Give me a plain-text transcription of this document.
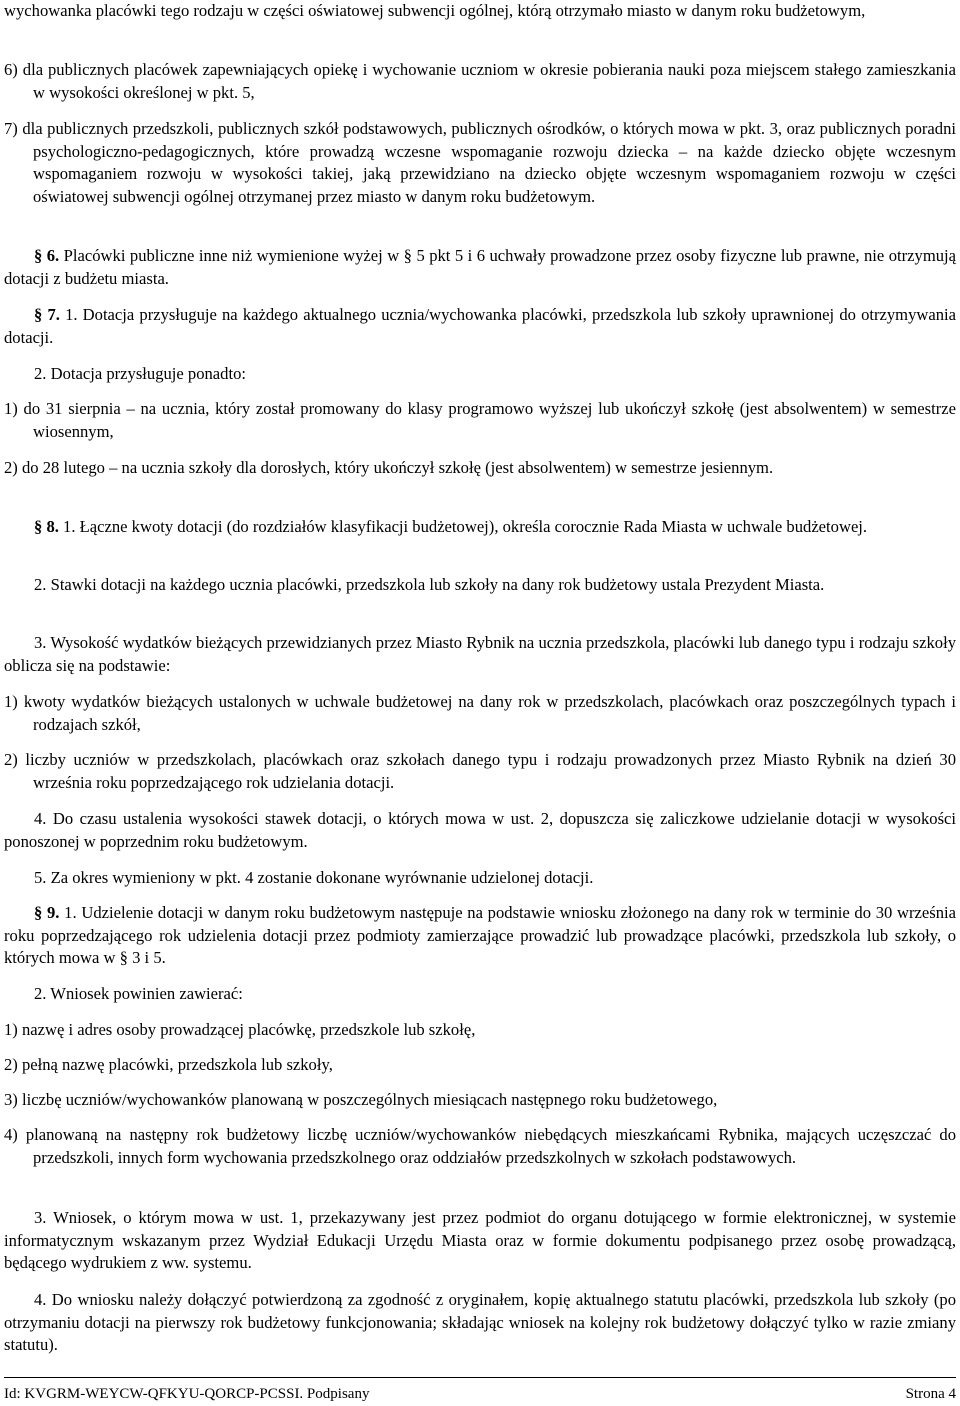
wychowanka placówki tego rodzaju w części oświatowej subwencji ogólnej, którą otrzymało miasto w danym roku budżetowym,

6) dla publicznych placówek zapewniających opiekę i wychowanie uczniom w okresie pobierania nauki poza miejscem stałego zamieszkania w wysokości określonej w pkt. 5,

7) dla publicznych przedszkoli, publicznych szkół podstawowych, publicznych ośrodków, o których mowa w pkt. 3, oraz publicznych poradni psychologiczno-pedagogicznych, które prowadzą wczesne wspomaganie rozwoju dziecka – na każde dziecko objęte wczesnym wspomaganiem rozwoju w wysokości takiej, jaką przewidziano na dziecko objęte wczesnym wspomaganiem rozwoju w części oświatowej subwencji ogólnej otrzymanej przez miasto w danym roku budżetowym.

§ 6. Placówki publiczne inne niż wymienione wyżej w § 5 pkt 5 i 6 uchwały prowadzone przez osoby fizyczne lub prawne, nie otrzymują dotacji z budżetu miasta.

§ 7. 1. Dotacja przysługuje na każdego aktualnego ucznia/wychowanka placówki, przedszkola lub szkoły uprawnionej do otrzymywania dotacji.

2. Dotacja przysługuje ponadto:

1) do 31 sierpnia – na ucznia, który został promowany do klasy programowo wyższej lub ukończył szkołę (jest absolwentem) w semestrze wiosennym,

2) do 28 lutego – na ucznia szkoły dla dorosłych, który ukończył szkołę (jest absolwentem) w semestrze jesiennym.

§ 8. 1. Łączne kwoty dotacji (do rozdziałów klasyfikacji budżetowej), określa corocznie Rada Miasta w uchwale budżetowej.

2. Stawki dotacji na każdego ucznia placówki, przedszkola lub szkoły na dany rok budżetowy ustala Prezydent Miasta.

3. Wysokość wydatków bieżących przewidzianych przez Miasto Rybnik na ucznia przedszkola, placówki lub danego typu i rodzaju szkoły oblicza się na podstawie:

1) kwoty wydatków bieżących ustalonych w uchwale budżetowej na dany rok w przedszkolach, placówkach oraz poszczególnych typach i rodzajach szkół,

2) liczby uczniów w przedszkolach, placówkach oraz szkołach danego typu i rodzaju prowadzonych przez Miasto Rybnik na dzień 30 września roku poprzedzającego rok udzielania dotacji.

4. Do czasu ustalenia wysokości stawek dotacji, o których mowa w ust. 2, dopuszcza się zaliczkowe udzielanie dotacji w wysokości ponoszonej w poprzednim roku budżetowym.

5. Za okres wymieniony w pkt. 4 zostanie dokonane wyrównanie udzielonej dotacji.

§ 9. 1. Udzielenie dotacji w danym roku budżetowym następuje na podstawie wniosku złożonego na dany rok w terminie do 30 września roku poprzedzającego rok udzielenia dotacji przez podmioty zamierzające prowadzić lub prowadzące placówki, przedszkola lub szkoły, o których mowa w § 3 i 5.

2. Wniosek powinien zawierać:

1) nazwę i adres osoby prowadzącej placówkę, przedszkole lub szkołę,

2) pełną nazwę placówki, przedszkola lub szkoły,

3) liczbę uczniów/wychowanków planowaną w poszczególnych miesiącach następnego roku budżetowego,

4) planowaną na następny rok budżetowy liczbę uczniów/wychowanków niebędących mieszkańcami Rybnika, mających uczęszczać do przedszkoli, innych form wychowania przedszkolnego oraz oddziałów przedszkolnych w szkołach podstawowych.

3. Wniosek, o którym mowa w ust. 1, przekazywany jest przez podmiot do organu dotującego w formie elektronicznej, w systemie informatycznym wskazanym przez Wydział Edukacji Urzędu Miasta oraz w formie dokumentu podpisanego przez osobę prowadzącą, będącego wydrukiem z ww. systemu.

4. Do wniosku należy dołączyć potwierdzoną za zgodność z oryginałem, kopię aktualnego statutu placówki, przedszkola lub szkoły (po otrzymaniu dotacji na pierwszy rok budżetowy funkcjonowania; składając wniosek na kolejny rok budżetowy dołączyć tylko w razie zmiany statutu).

Id: KVGRM-WEYCW-QFKYU-QORCP-PCSSI. Podpisany	Strona 4
